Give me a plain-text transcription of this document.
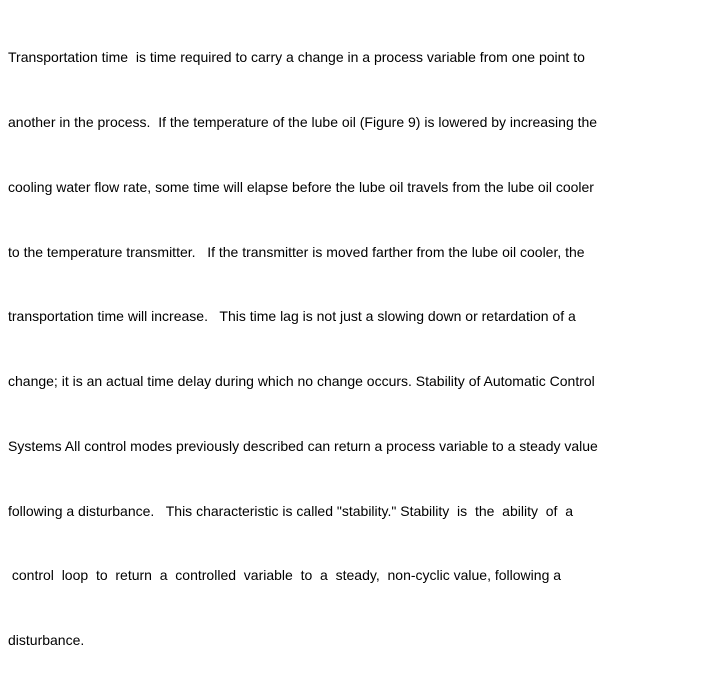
Transportation time  is time required to carry a change in a process variable from one point to

another in the process.  If the temperature of the lube oil (Figure 9) is lowered by increasing the

cooling water flow rate, some time will elapse before the lube oil travels from the lube oil cooler

to the temperature transmitter.   If the transmitter is moved farther from the lube oil cooler, the

transportation time will increase.   This time lag is not just a slowing down or retardation of a

change; it is an actual time delay during which no change occurs. Stability of Automatic Control

Systems All control modes previously described can return a process variable to a steady value

following a disturbance.   This characteristic is called "stability." Stability  is  the  ability  of  a

control  loop  to  return  a  controlled  variable  to  a  steady,  non-cyclic value, following a

disturbance.
